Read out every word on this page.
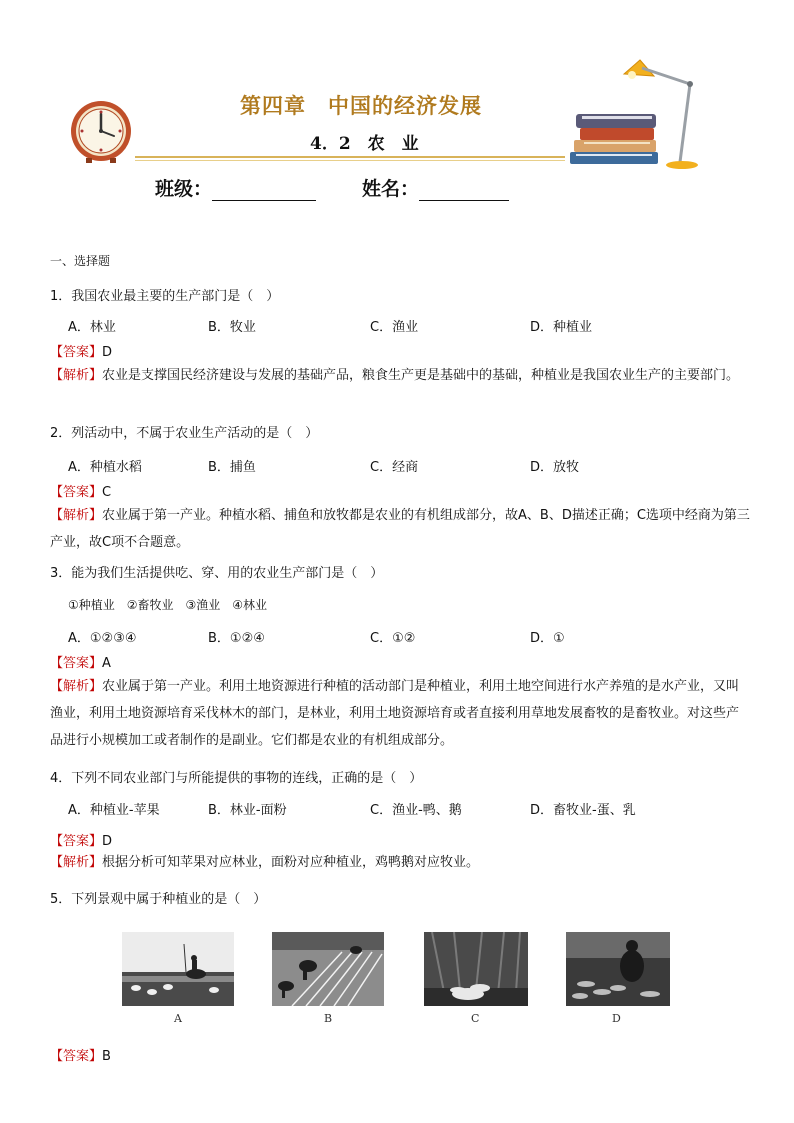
第四章　中国的经济发展
4．2　农　业
班级：	姓名：
一、选择题
1．我国农业最主要的生产部门是（　）
A．林业	B．牧业	C．渔业	D．种植业
【答案】D
【解析】农业是支撑国民经济建设与发展的基础产品，粮食生产更是基础中的基础，种植业是我国农业生产的主要部门。
2．列活动中，不属于农业生产活动的是（　）
A．种植水稻	B．捕鱼	C．经商	D．放牧
【答案】C
【解析】农业属于第一产业。种植水稻、捕鱼和放牧都是农业的有机组成部分，故A、B、D描述正确；C选项中经商为第三产业，故C项不合题意。
3．能为我们生活提供吃、穿、用的农业生产部门是（　）
①种植业　②畜牧业　③渔业　④林业
A．①②③④	B．①②④	C．①②	D．①
【答案】A
【解析】农业属于第一产业。利用土地资源进行种植的活动部门是种植业，利用土地空间进行水产养殖的是水产业，又叫渔业，利用土地资源培育采伐林木的部门，是林业，利用土地资源培育或者直接利用草地发展畜牧的是畜牧业。对这些产品进行小规模加工或者制作的是副业。它们都是农业的有机组成部分。
4．下列不同农业部门与所能提供的事物的连线，正确的是（　）
A．种植业-苹果	B．林业-面粉	C．渔业-鸭、鹅	D．畜牧业-蛋、乳
【答案】D
【解析】根据分析可知苹果对应林业，面粉对应种植业，鸡鸭鹅对应牧业。
5．下列景观中属于种植业的是（　）
A	B	C	D
【答案】B
